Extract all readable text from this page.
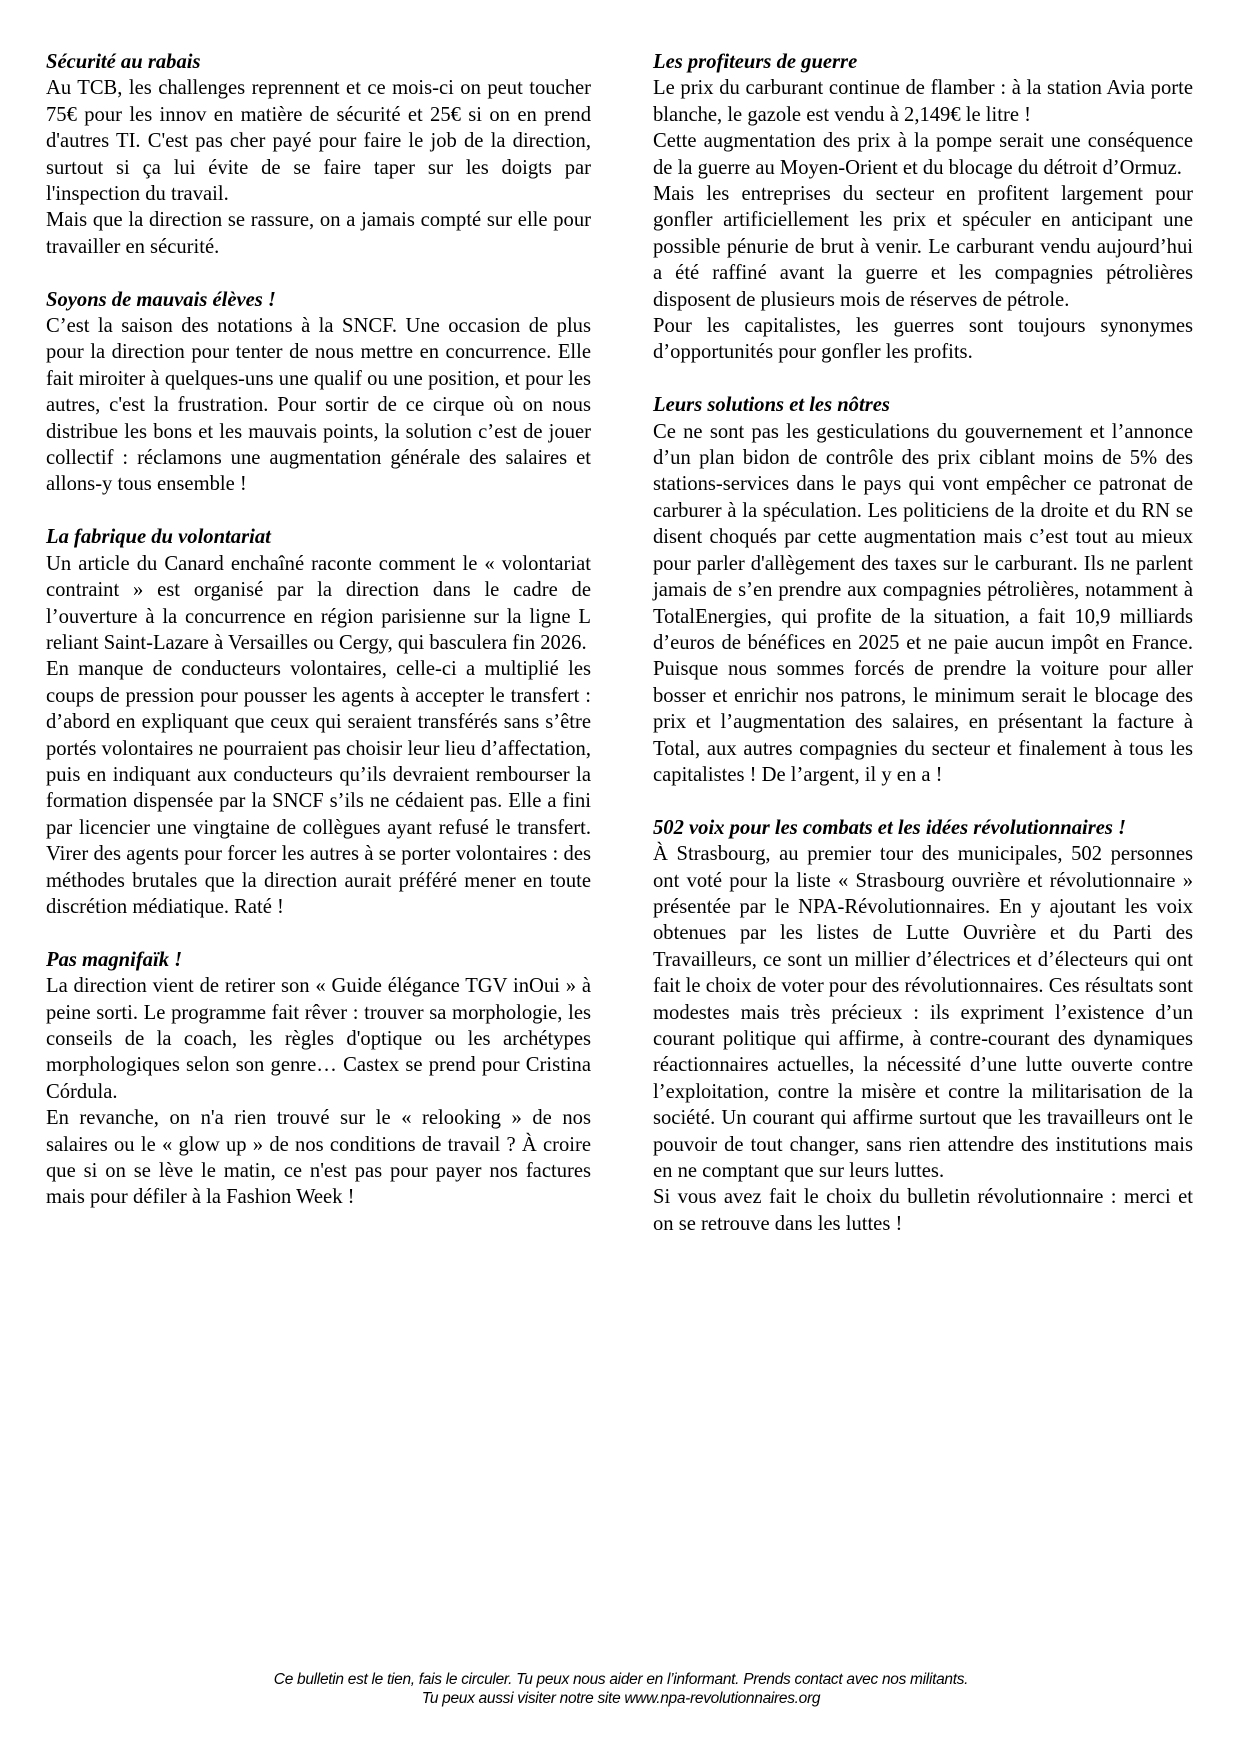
Sécurité au rabais

Au TCB, les challenges reprennent et ce mois-ci on peut toucher 75€ pour les innov en matière de sécurité et 25€ si on en prend d'autres TI. C'est pas cher payé pour faire le job de la direction, surtout si ça lui évite de se faire taper sur les doigts par l'inspection du travail.

Mais que la direction se rassure, on a jamais compté sur elle pour travailler en sécurité.

Soyons de mauvais élèves !

C’est la saison des notations à la SNCF. Une occasion de plus pour la direction pour tenter de nous mettre en concurrence. Elle fait miroiter à quelques-uns une qualif ou une position, et pour les autres, c'est la frustration. Pour sortir de ce cirque où on nous distribue les bons et les mauvais points, la solution c’est de jouer collectif : réclamons une augmentation générale des salaires et allons-y tous ensemble !

La fabrique du volontariat

Un article du Canard enchaîné raconte comment le « volontariat contraint » est organisé par la direction dans le cadre de l’ouverture à la concurrence en région parisienne sur la ligne L reliant Saint-Lazare à Versailles ou Cergy, qui basculera fin 2026.

En manque de conducteurs volontaires, celle-ci a multiplié les coups de pression pour pousser les agents à accepter le transfert : d’abord en expliquant que ceux qui seraient transférés sans s’être portés volontaires ne pourraient pas choisir leur lieu d’affectation, puis en indiquant aux conducteurs qu’ils devraient rembourser la formation dispensée par la SNCF s’ils ne cédaient pas. Elle a fini par licencier une vingtaine de collègues ayant refusé le transfert. Virer des agents pour forcer les autres à se porter volontaires : des méthodes brutales que la direction aurait préféré mener en toute discrétion médiatique. Raté !

Pas magnifaïk !

La direction vient de retirer son « Guide élégance TGV inOui » à peine sorti. Le programme fait rêver : trouver sa morphologie, les conseils de la coach, les règles d'optique ou les archétypes morphologiques selon son genre… Castex se prend pour Cristina Córdula.

En revanche, on n'a rien trouvé sur le « relooking » de nos salaires ou le « glow up » de nos conditions de travail ? À croire que si on se lève le matin, ce n'est pas pour payer nos factures mais pour défiler à la Fashion Week !

Les profiteurs de guerre

Le prix du carburant continue de flamber : à la station Avia porte blanche, le gazole est vendu à 2,149€ le litre !

Cette augmentation des prix à la pompe serait une conséquence de la guerre au Moyen-Orient et du blocage du détroit d’Ormuz.

Mais les entreprises du secteur en profitent largement pour gonfler artificiellement les prix et spéculer en anticipant une possible pénurie de brut à venir. Le carburant vendu aujourd’hui a été raffiné avant la guerre et les compagnies pétrolières disposent de plusieurs mois de réserves de pétrole.

Pour les capitalistes, les guerres sont toujours synonymes d’opportunités pour gonfler les profits.

Leurs solutions et les nôtres

Ce ne sont pas les gesticulations du gouvernement et l’annonce d’un plan bidon de contrôle des prix ciblant moins de 5% des stations-services dans le pays qui vont empêcher ce patronat de carburer à la spéculation. Les politiciens de la droite et du RN se disent choqués par cette augmentation mais c’est tout au mieux pour parler d'allègement des taxes sur le carburant. Ils ne parlent jamais de s’en prendre aux compagnies pétrolières, notamment à TotalEnergies, qui profite de la situation, a fait 10,9 milliards d’euros de bénéfices en 2025 et ne paie aucun impôt en France. Puisque nous sommes forcés de prendre la voiture pour aller bosser et enrichir nos patrons, le minimum serait le blocage des prix et l’augmentation des salaires, en présentant la facture à Total, aux autres compagnies du secteur et finalement à tous les capitalistes ! De l’argent, il y en a !

502 voix pour les combats et les idées révolutionnaires !

À Strasbourg, au premier tour des municipales, 502 personnes ont voté pour la liste « Strasbourg ouvrière et révolutionnaire » présentée par le NPA-Révolutionnaires. En y ajoutant les voix obtenues par les listes de Lutte Ouvrière et du Parti des Travailleurs, ce sont un millier d’électrices et d’électeurs qui ont fait le choix de voter pour des révolutionnaires. Ces résultats sont modestes mais très précieux : ils expriment l’existence d’un courant politique qui affirme, à contre-courant des dynamiques réactionnaires actuelles, la nécessité d’une lutte ouverte contre l’exploitation, contre la misère et contre la militarisation de la société. Un courant qui affirme surtout que les travailleurs ont le pouvoir de tout changer, sans rien attendre des institutions mais en ne comptant que sur leurs luttes.

Si vous avez fait le choix du bulletin révolutionnaire : merci et on se retrouve dans les luttes !

Ce bulletin est le tien, fais le circuler. Tu peux nous aider en l’informant. Prends contact avec nos militants.
Tu peux aussi visiter notre site www.npa-revolutionnaires.org
